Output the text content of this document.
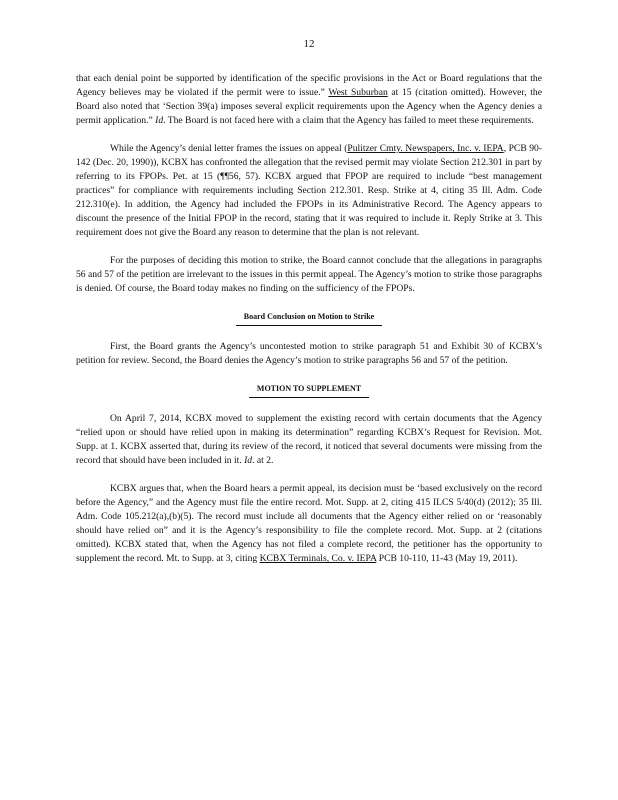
12

that each denial point be supported by identification of the specific provisions in the Act or Board regulations that the Agency believes may be violated if the permit were to issue.” West Suburban at 15 (citation omitted). However, the Board also noted that ‘Section 39(a) imposes several explicit requirements upon the Agency when the Agency denies a permit application.” Id. The Board is not faced here with a claim that the Agency has failed to meet these requirements.

While the Agency’s denial letter frames the issues on appeal (Pulitzer Cmty. Newspapers, Inc. v. IEPA, PCB 90-142 (Dec. 20, 1990)), KCBX has confronted the allegation that the revised permit may violate Section 212.301 in part by referring to its FPOPs. Pet. at 15 (¶¶56, 57). KCBX argued that FPOP are required to include “best management practices” for compliance with requirements including Section 212.301. Resp. Strike at 4, citing 35 Ill. Adm. Code 212.310(e). In addition, the Agency had included the FPOPs in its Administrative Record. The Agency appears to discount the presence of the Initial FPOP in the record, stating that it was required to include it. Reply Strike at 3. This requirement does not give the Board any reason to determine that the plan is not relevant.

For the purposes of deciding this motion to strike, the Board cannot conclude that the allegations in paragraphs 56 and 57 of the petition are irrelevant to the issues in this permit appeal. The Agency’s motion to strike those paragraphs is denied. Of course, the Board today makes no finding on the sufficiency of the FPOPs.

Board Conclusion on Motion to Strike

First, the Board grants the Agency’s uncontested motion to strike paragraph 51 and Exhibit 30 of KCBX’s petition for review. Second, the Board denies the Agency’s motion to strike paragraphs 56 and 57 of the petition.

MOTION TO SUPPLEMENT

On April 7, 2014, KCBX moved to supplement the existing record with certain documents that the Agency “relied upon or should have relied upon in making its determination” regarding KCBX’s Request for Revision. Mot. Supp. at 1. KCBX asserted that, during its review of the record, it noticed that several documents were missing from the record that should have been included in it. Id. at 2.

KCBX argues that, when the Board hears a permit appeal, its decision must be ‘based exclusively on the record before the Agency,” and the Agency must file the entire record. Mot. Supp. at 2, citing 415 ILCS 5/40(d) (2012); 35 Ill. Adm. Code 105.212(a),(b)(5). The record must include all documents that the Agency either relied on or ‘reasonably should have relied on” and it is the Agency’s responsibility to file the complete record. Mot. Supp. at 2 (citations omitted). KCBX stated that, when the Agency has not filed a complete record, the petitioner has the opportunity to supplement the record. Mt. to Supp. at 3, citing KCBX Terminals, Co. v. IEPA PCB 10-110, 11-43 (May 19, 2011).
